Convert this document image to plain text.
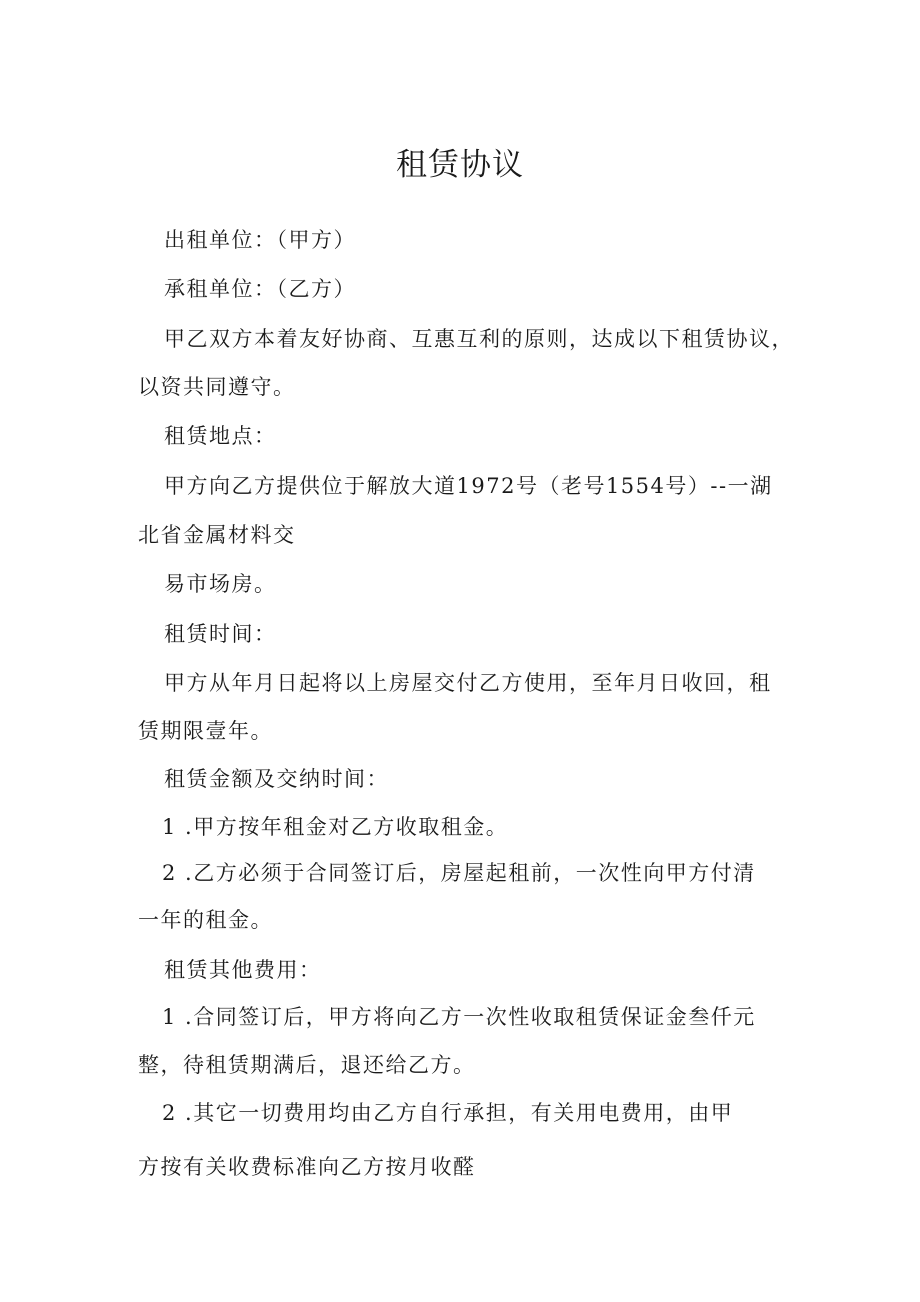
租赁协议
出租单位：（甲方）
承租单位：（乙方）
甲乙双方本着友好协商、互惠互利的原则，达成以下租赁协议，
以资共同遵守。
租赁地点：
甲方向乙方提供位于解放大道1972号（老号1554号）--一湖
北省金属材料交
易市场房。
租赁时间：
甲方从年月日起将以上房屋交付乙方使用，至年月日收回，租
赁期限壹年。
租赁金额及交纳时间：
1 .甲方按年租金对乙方收取租金。
2 .乙方必须于合同签订后，房屋起租前，一次性向甲方付清
一年的租金。
租赁其他费用：
1 .合同签订后，甲方将向乙方一次性收取租赁保证金叁仟元
整，待租赁期满后，退还给乙方。
2 .其它一切费用均由乙方自行承担，有关用电费用，由甲
方按有关收费标准向乙方按月收醛
